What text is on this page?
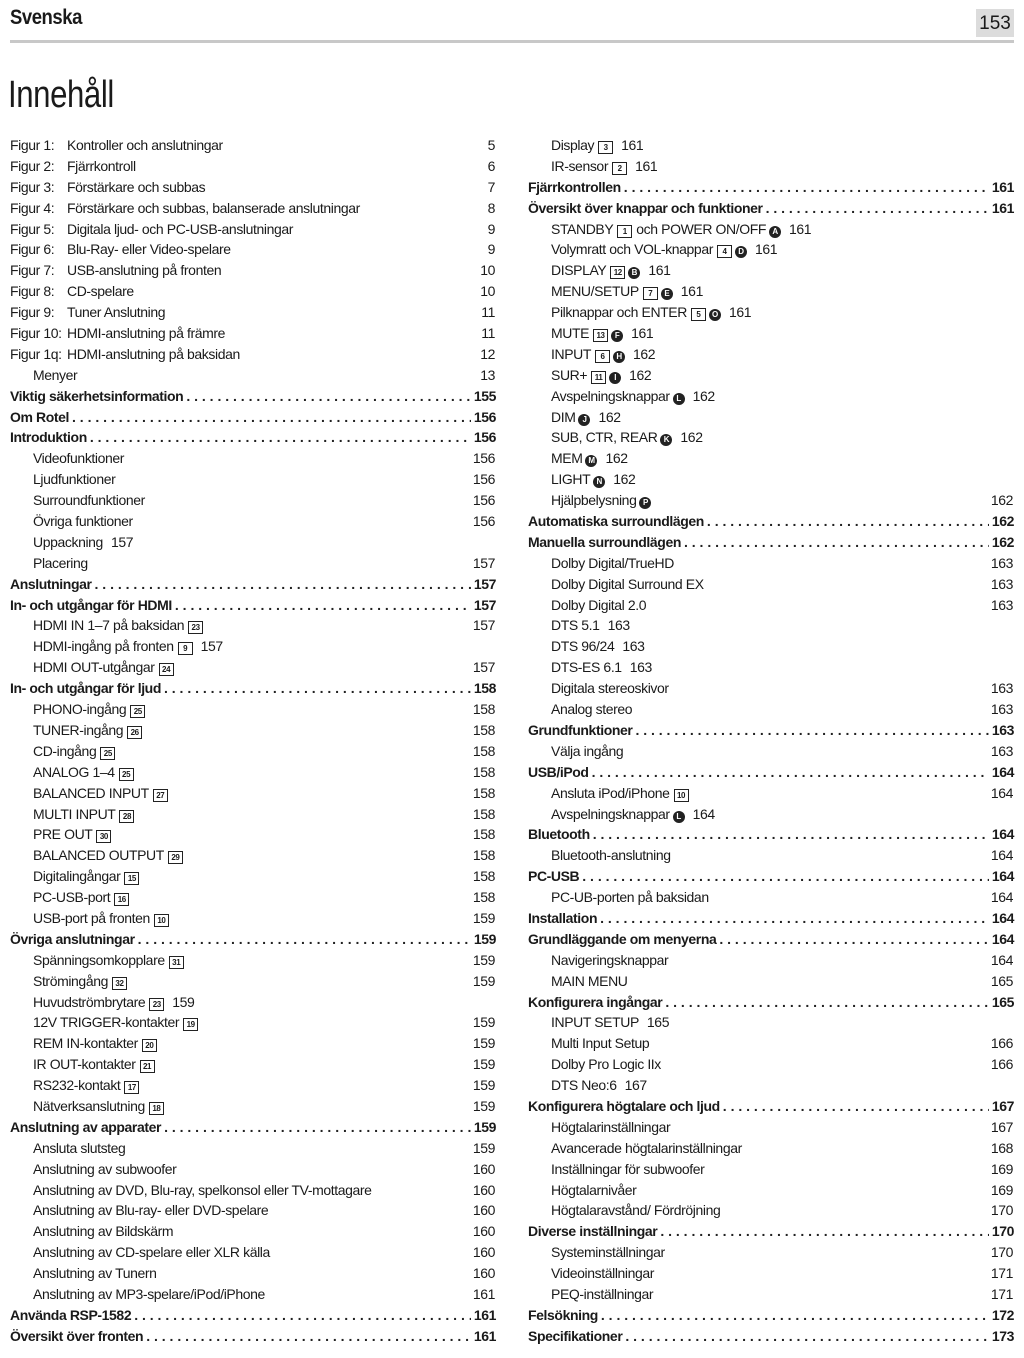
Svenska	153
Innehåll
Figur 1: Kontroller och anslutningar	5
Figur 2: Fjärrkontroll	6
Figur 3: Förstärkare och subbas	7
Figur 4: Förstärkare och subbas, balanserade anslutningar	8
Figur 5: Digitala ljud- och PC-USB-anslutningar	9
Figur 6: Blu-Ray- eller Video-spelare	9
Figur 7: USB-anslutning på fronten	10
Figur 8: CD-spelare	10
Figur 9: Tuner Anslutning	11
Figur 10: HDMI-anslutning på främre	11
Figur 1q: HDMI-anslutning på baksidan	12
Menyer	13
Viktig säkerhetsinformation . . .	155
Om Rotel . . .	156
Introduktion . . .	156
Videofunktioner	156
Ljudfunktioner	156
Surroundfunktioner	156
Övriga funktioner	156
Uppackning 157
Placering	157
Anslutningar . . .	157
In- och utgångar för HDMI . . .	157
HDMI IN 1–7 på baksidan 23	157
HDMI-ingång på fronten	9 157
HDMI OUT-utgångar 24	157
In- och utgångar för ljud . . .	158
PHONO-ingång 25	158
TUNER-ingång 26	158
CD-ingång 25	158
ANALOG 1–4 25	158
BALANCED INPUT 27	158
MULTI INPUT 28	158
PRE OUT 30	158
BALANCED OUTPUT 29	158
Digitalingångar 15	158
PC-USB-port 16	158
USB-port på fronten 10	159
Övriga anslutningar . . .	159
Spänningsomkopplare 31	159
Strömingång 32	159
Huvudströmbrytare 23 159
12V TRIGGER-kontakter 19	159
REM IN-kontakter 20	159
IR OUT-kontakter 21	159
RS232-kontakt 17	159
Nätverksanslutning 18	159
Anslutning av apparater . . .	159
Ansluta slutsteg	159
Anslutning av subwoofer	160
Anslutning av DVD, Blu-ray, spelkonsol eller TV-mottagare	160
Anslutning av Blu-ray- eller DVD-spelare	160
Anslutning av Bildskärm	160
Anslutning av CD-spelare eller XLR källa	160
Anslutning av Tunern	160
Anslutning av MP3-spelare/iPod/iPhone	161
Använda RSP-1582 . . .	161
Översikt över fronten . . .	161
Display	3 161
IR-sensor	2 161
Fjärrkontrollen . . .	161
Översikt över knappar och funktioner . . .	161
STANDBY	1 och POWER ON/OFF A 161
Volymratt och VOL-knappar	4	D 161
DISPLAY 12	B 161
MENU/SETUP	7	E 161
Pilknappar och ENTER	5	O 161
MUTE 13	F 161
INPUT	6	H 162
SUR+ 11	I 162
Avspelningsknappar L 162
DIM J 162
SUB, CTR, REAR K 162
MEM M 162
LIGHT N 162
Hjälpbelysning P	162
Automatiska surroundlägen . . .	162
Manuella surroundlägen . . .	162
Dolby Digital/TrueHD	163
Dolby Digital Surround EX	163
Dolby Digital 2.0	163
DTS 5.1 163
DTS 96/24 163
DTS-ES 6.1 163
Digitala stereoskivor	163
Analog stereo	163
Grundfunktioner . . .	163
Välja ingång	163
USB/iPod . . .	164
Ansluta iPod/iPhone 10	164
Avspelningsknappar L 164
Bluetooth . . .	164
Bluetooth-anslutning	164
PC-USB . . .	164
PC-UB-porten på baksidan	164
Installation . . .	164
Grundläggande om menyerna . . .	164
Navigeringsknappar	164
MAIN MENU	165
Konfigurera ingångar . . .	165
INPUT SETUP 165
Multi Input Setup	166
Dolby Pro Logic IIx	166
DTS Neo:6 167
Konfigurera högtalare och ljud . . .	167
Högtalarinställningar	167
Avancerade högtalarinställningar	168
Inställningar för subwoofer	169
Högtalarnivåer	169
Högtalaravstånd/ Fördröjning	170
Diverse inställningar . . .	170
Systeminställningar	170
Videoinställningar	171
PEQ-inställningar	171
Felsökning . . .	172
Specifikationer . . .	173
